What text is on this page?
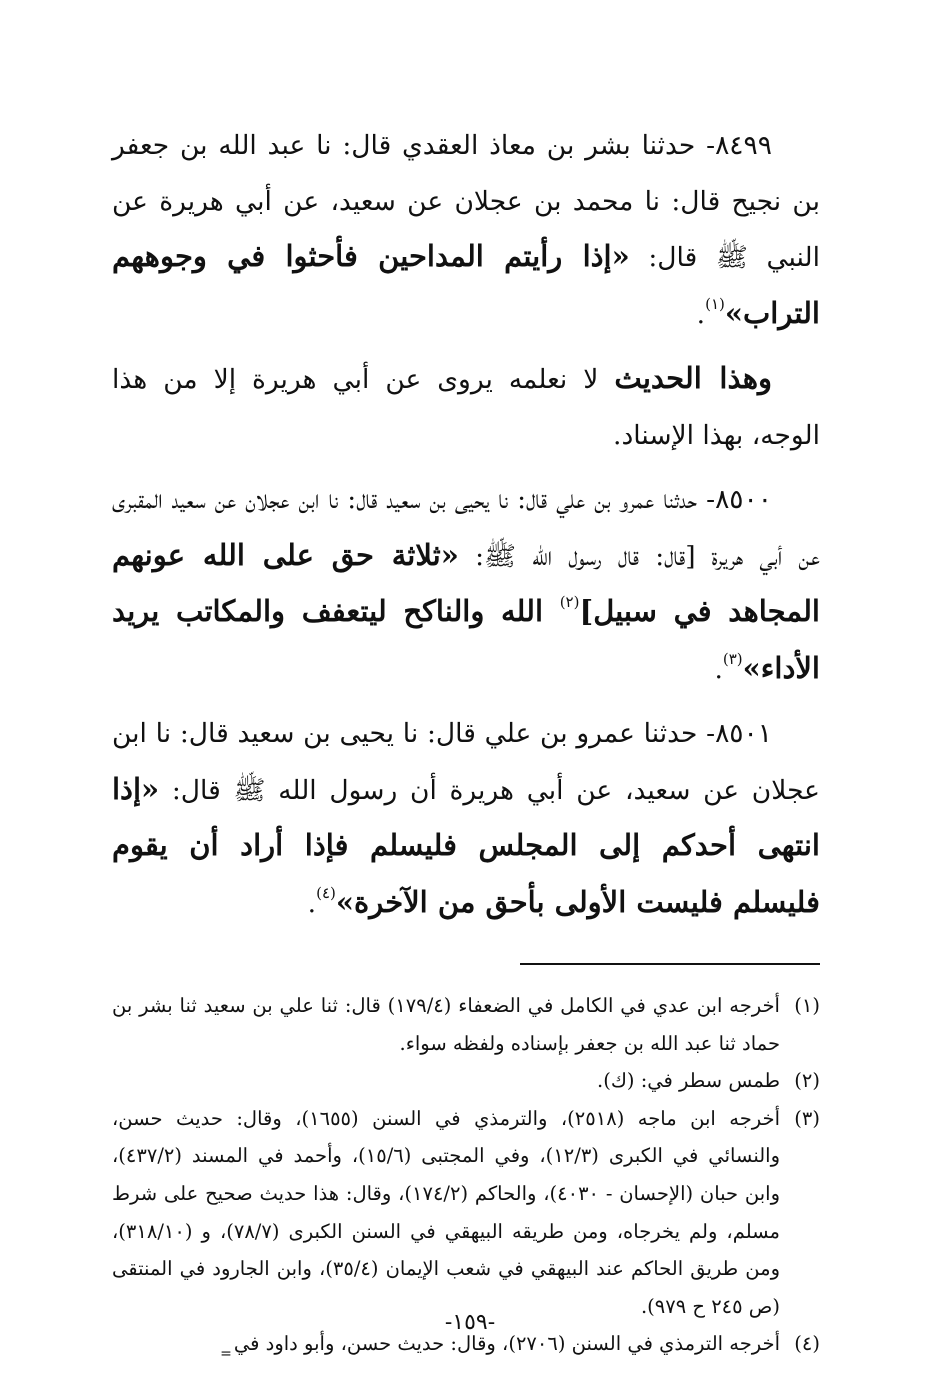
٨٤٩٩- حدثنا بشر بن معاذ العقدي قال: نا عبد الله بن جعفر بن نجيح قال: نا محمد بن عجلان عن سعيد، عن أبي هريرة عن النبي ﷺ قال: «إذا رأيتم المداحين فأحثوا في وجوههم التراب»$^{(١)}$.

وهذا الحديث لا نعلمه يروى عن أبي هريرة إلا من هذا الوجه، بهذا الإسناد.

٨٥٠٠- حدثنا عمرو بن علي قال: نا يحيى بن سعيد قال: نا ابن عجلان عن سعيد المقبرى عن أبي هريرة [قال: قال رسول الله ﷺ: «ثلاثة حق على الله عونهم المجاهد في سبيل]$^{(٢)}$ الله والناكح ليتعفف والمكاتب يريد الأداء»$^{(٣)}$.

٨٥٠١- حدثنا عمرو بن علي قال: نا يحيى بن سعيد قال: نا ابن عجلان عن سعيد، عن أبي هريرة أن رسول الله ﷺ قال: «إذا انتهى أحدكم إلى المجلس فليسلم فإذا أراد أن يقوم فليسلم فليست الأولى بأحق من الآخرة»$^{(٤)}$.

(١)
أخرجه ابن عدي في الكامل في الضعفاء (١٧٩/٤) قال: ثنا علي بن سعيد ثنا بشر بن حماد ثنا عبد الله بن جعفر بإسناده ولفظه سواء.

(٢)
طمس سطر في: (ك).

(٣)
أخرجه ابن ماجه (٢٥١٨)، والترمذي في السنن (١٦٥٥)، وقال: حديث حسن، والنسائي في الكبرى (١٢/٣)، وفي المجتبى (١٥/٦)، وأحمد في المسند (٤٣٧/٢)، وابن حبان (الإحسان - ٤٠٣٠)، والحاكم (١٧٤/٢)، وقال: هذا حديث صحيح على شرط مسلم، ولم يخرجاه، ومن طريقه البيهقي في السنن الكبرى (٧٨/٧)، و (٣١٨/١٠)، ومن طريق الحاكم عند البيهقي في شعب الإيمان (٣٥/٤)، وابن الجارود في المنتقى (ص ٢٤٥ ح ٩٧٩).

(٤)
أخرجه الترمذي في السنن (٢٧٠٦)، وقال: حديث حسن، وأبو داود في$_=$

-١٥٩-
